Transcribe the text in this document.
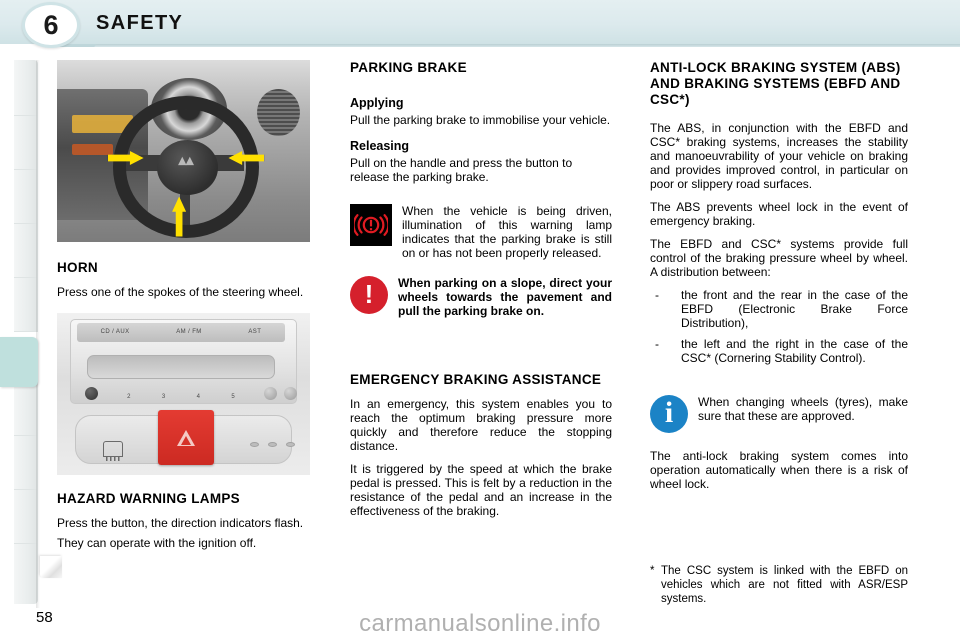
6 SAFETY
▴▴
HORN

Press one of the spokes of the steering wheel.

CD / AUX	AM / FM	AST
2	3	4	5
HAZARD WARNING LAMPS

Press the button, the direction indicators flash.

They can operate with the ignition off.

PARKING BRAKE
Applying

Pull the parking brake to immobilise your vehicle.

Releasing

Pull on the handle and press the button to release the parking brake.

When the vehicle is being driven, illumination of this warning lamp indicates that the parking brake is still on or has not been properly released.
!	When parking on a slope, direct your wheels towards the pavement and pull the parking brake on.
EMERGENCY BRAKING ASSISTANCE

In an emergency, this system enables you to reach the optimum braking pressure more quickly and therefore reduce the stopping distance.

It is triggered by the speed at which the brake pedal is pressed. This is felt by a reduction in the resistance of the pedal and an increase in the effectiveness of the braking.

ANTI-LOCK BRAKING SYSTEM (ABS) AND BRAKING SYSTEMS (EBFD AND CSC*)

The ABS, in conjunction with the EBFD and CSC* braking systems, increases the stability and manoeuvrability of your vehicle on braking and provides improved control, in particular on poor or slippery road surfaces.

The ABS prevents wheel lock in the event of emergency braking.

The EBFD and CSC* systems provide full control of the braking pressure wheel by wheel. A distribution between:

- the front and the rear in the case of the EBFD (Electronic Brake Force Distribution),
- the left and the right in the case of the CSC* (Cornering Stability Control).
i	When changing wheels (tyres), make sure that these are approved.

The anti-lock braking system comes into operation automatically when there is a risk of wheel lock.

* The CSC system is linked with the EBFD on vehicles which are not fitted with ASR/ESP systems.
58	carmanualsonline.info
